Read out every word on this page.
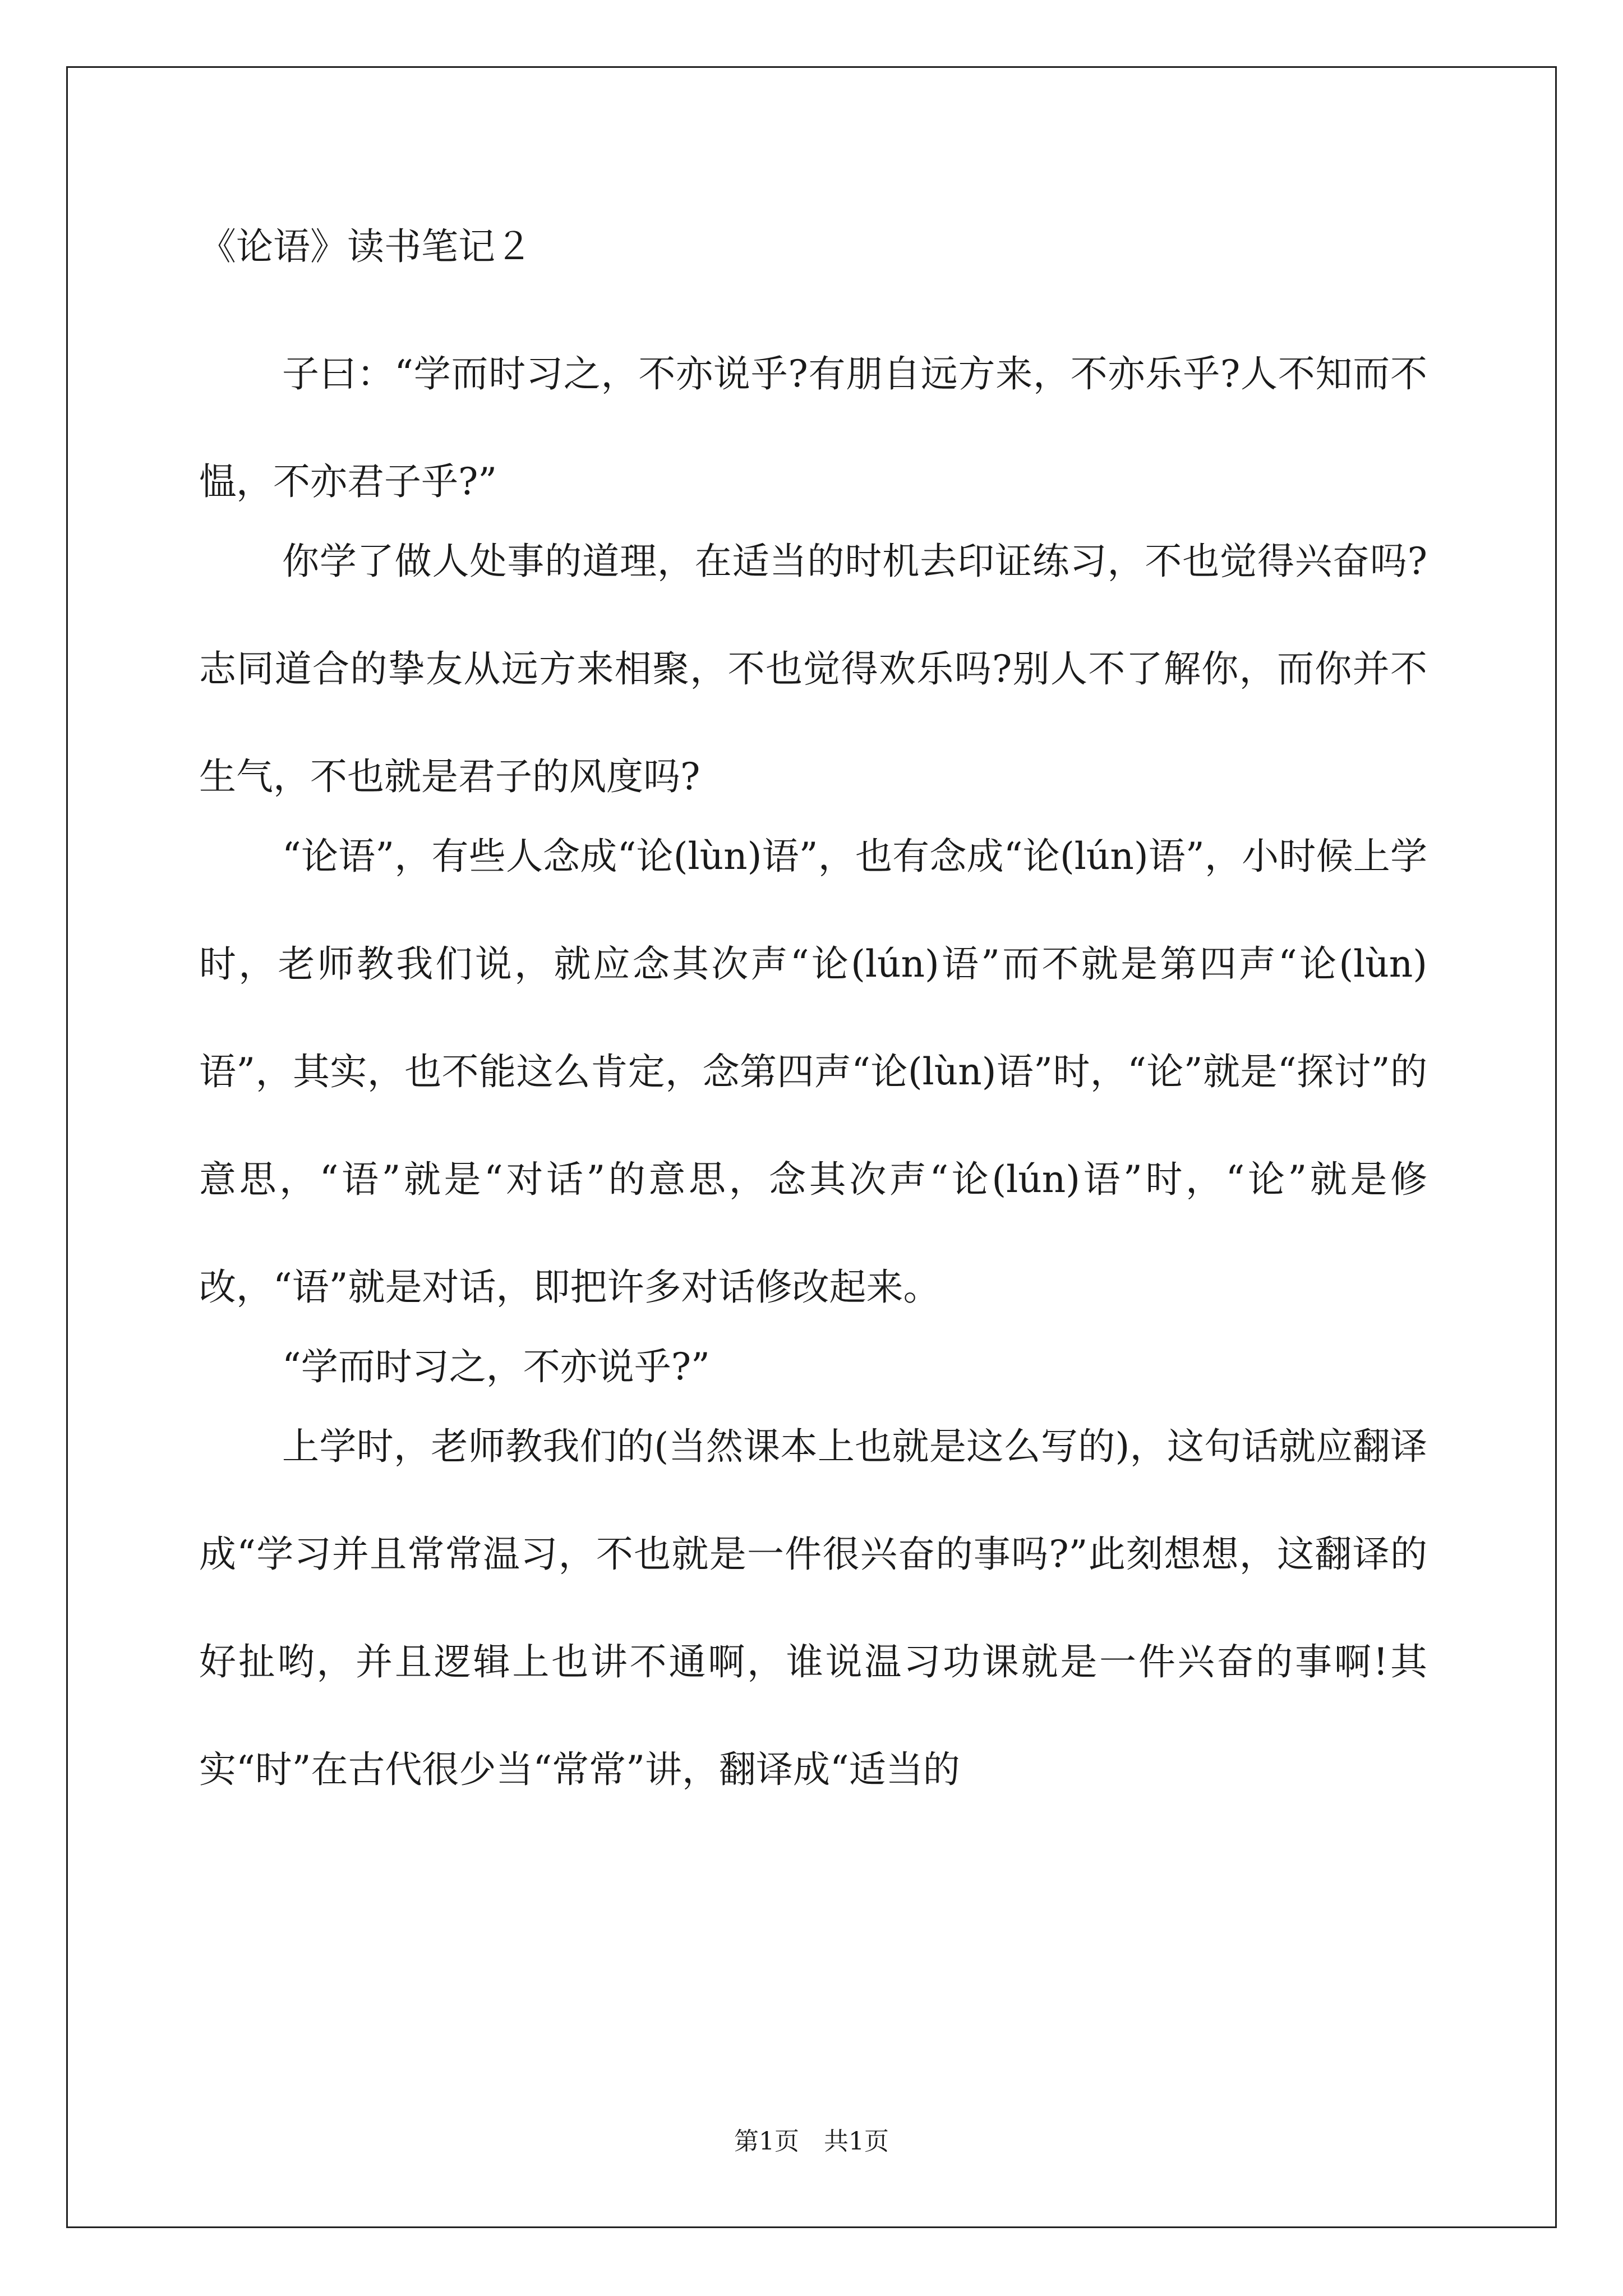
《论语》读书笔记２

子曰：“学而时习之，不亦说乎?有朋自远方来，不亦乐乎?人不知而不愠，不亦君子乎?”

你学了做人处事的道理，在适当的时机去印证练习，不也觉得兴奋吗?志同道合的挚友从远方来相聚，不也觉得欢乐吗?别人不了解你，而你并不生气，不也就是君子的风度吗?

“论语”，有些人念成“论(lùn)语”，也有念成“论(lún)语”，小时候上学时，老师教我们说，就应念其次声“论(lún)语”而不就是第四声“论(lùn)语”，其实，也不能这么肯定，念第四声“论(lùn)语”时，“论”就是“探讨”的意思，“语”就是“对话”的意思，念其次声“论(lún)语”时，“论”就是修改，“语”就是对话，即把许多对话修改起来。

“学而时习之，不亦说乎?”

上学时，老师教我们的(当然课本上也就是这么写的)，这句话就应翻译成“学习并且常常温习，不也就是一件很兴奋的事吗?”此刻想想，这翻译的好扯哟，并且逻辑上也讲不通啊，谁说温习功课就是一件兴奋的事啊!其实“时”在古代很少当“常常”讲，翻译成“适当的

第1页　共1页
